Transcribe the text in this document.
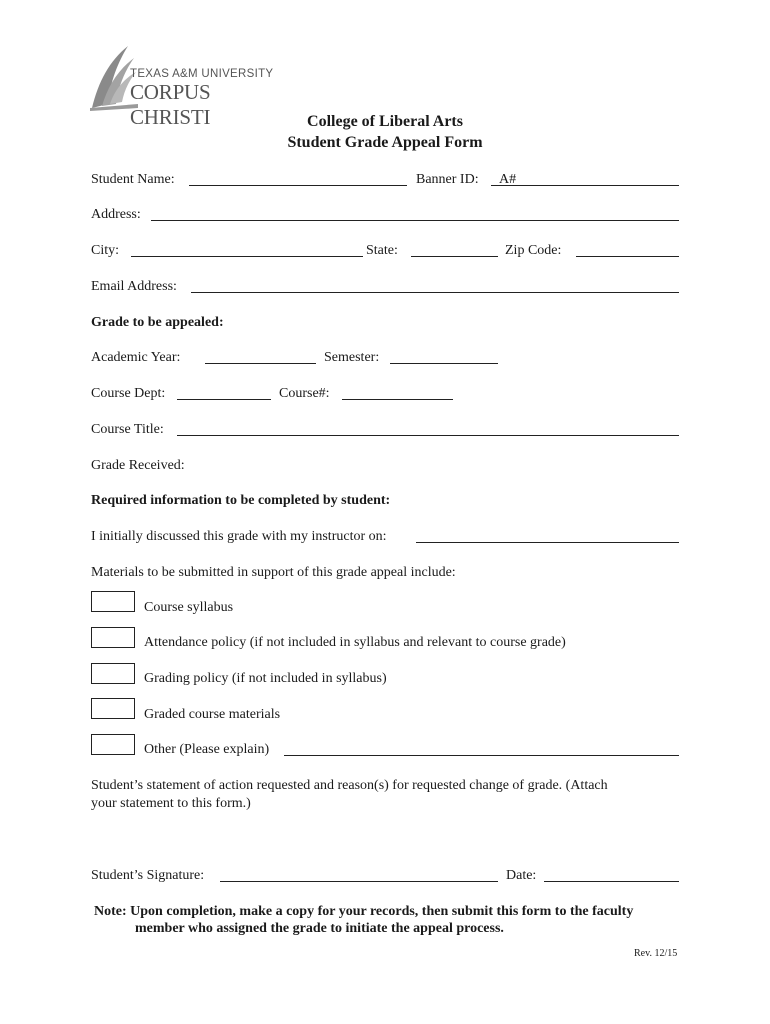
TEXAS A&M UNIVERSITY
CORPUS CHRISTI	College of Liberal Arts
Student Grade Appeal Form
Student Name:	Banner ID: A#
Address:
City:	State:	Zip Code:
Email Address:
Grade to be appealed:
Academic Year:	Semester:
Course Dept:	Course#:
Course Title:
Grade Received:
Required information to be completed by student:
I initially discussed this grade with my instructor on:
Materials to be submitted in support of this grade appeal include:
Course syllabus
Attendance policy (if not included in syllabus and relevant to course grade)
Grading policy (if not included in syllabus)
Graded course materials
Other (Please explain)
Student’s statement of action requested and reason(s) for requested change of grade. (Attach
your statement to this form.)
Student’s Signature:	Date:
Note: Upon completion, make a copy for your records, then submit this form to the faculty
member who assigned the grade to initiate the appeal process.
Rev. 12/15
